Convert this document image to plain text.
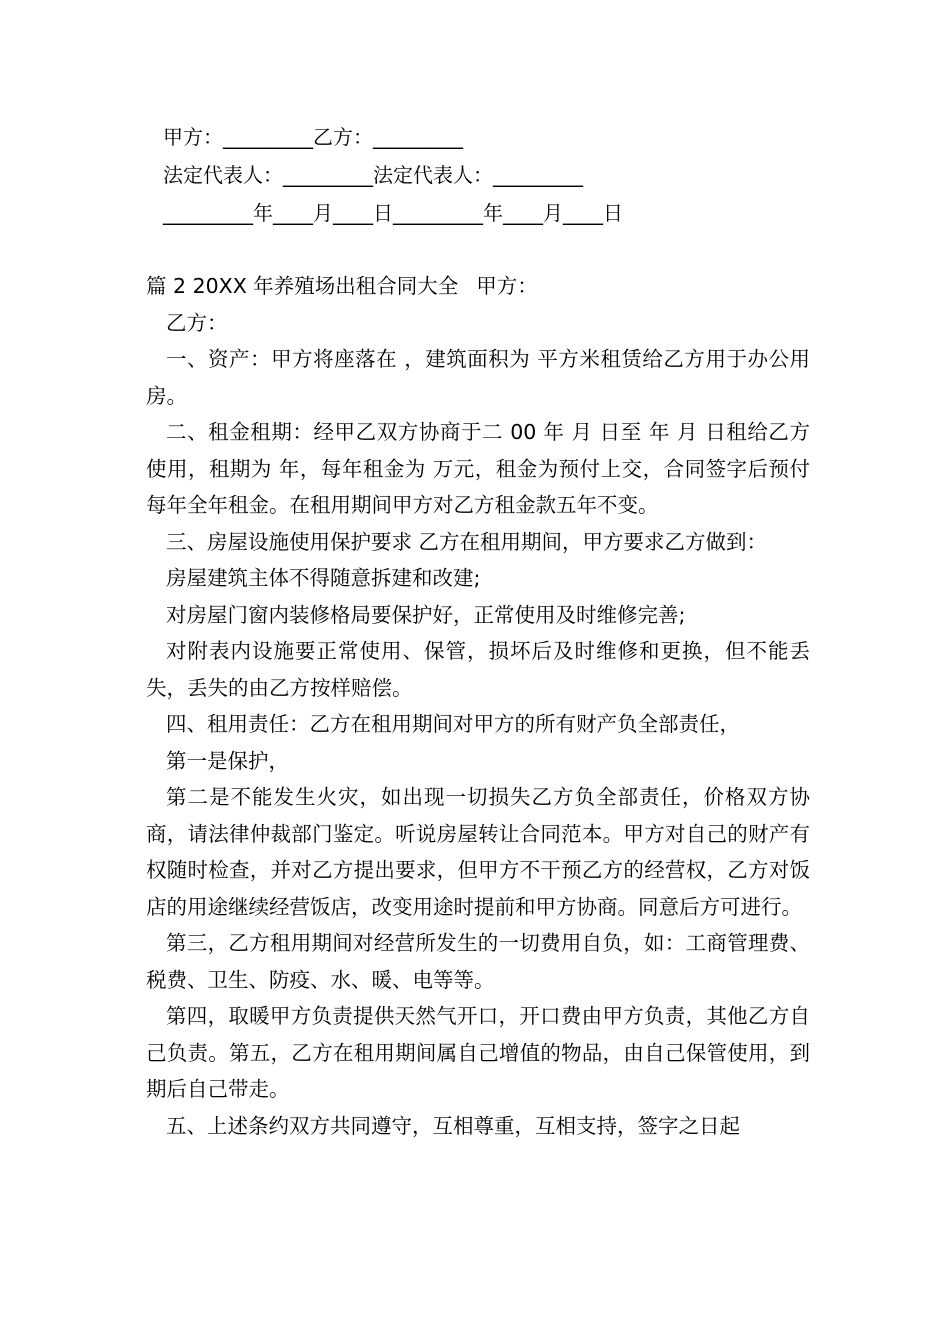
甲方：_________乙方：_________
法定代表人：_________法定代表人：_________
_________年____月____日_________年____月____日

篇 2 20XX 年养殖场出租合同大全 甲方：

乙方：

一、资产：甲方将座落在 ，建筑面积为 平方米租赁给乙方用于办公用房。

二、租金租期：经甲乙双方协商于二 00 年 月 日至 年 月 日租给乙方使用，租期为 年，每年租金为 万元，租金为预付上交，合同签字后预付每年全年租金。在租用期间甲方对乙方租金款五年不变。

三、房屋设施使用保护要求 乙方在租用期间，甲方要求乙方做到：

房屋建筑主体不得随意拆建和改建;

对房屋门窗内装修格局要保护好，正常使用及时维修完善;

对附表内设施要正常使用、保管，损坏后及时维修和更换，但不能丢失，丢失的由乙方按样赔偿。

四、租用责任：乙方在租用期间对甲方的所有财产负全部责任，

第一是保护，

第二是不能发生火灾，如出现一切损失乙方负全部责任，价格双方协商，请法律仲裁部门鉴定。听说房屋转让合同范本。甲方对自己的财产有权随时检查，并对乙方提出要求，但甲方不干预乙方的经营权，乙方对饭店的用途继续经营饭店，改变用途时提前和甲方协商。同意后方可进行。

第三，乙方租用期间对经营所发生的一切费用自负，如：工商管理费、税费、卫生、防疫、水、暖、电等等。

第四，取暖甲方负责提供天然气开口，开口费由甲方负责，其他乙方自己负责。第五，乙方在租用期间属自己增值的物品，由自己保管使用，到期后自己带走。

五、上述条约双方共同遵守，互相尊重，互相支持，签字之日起
